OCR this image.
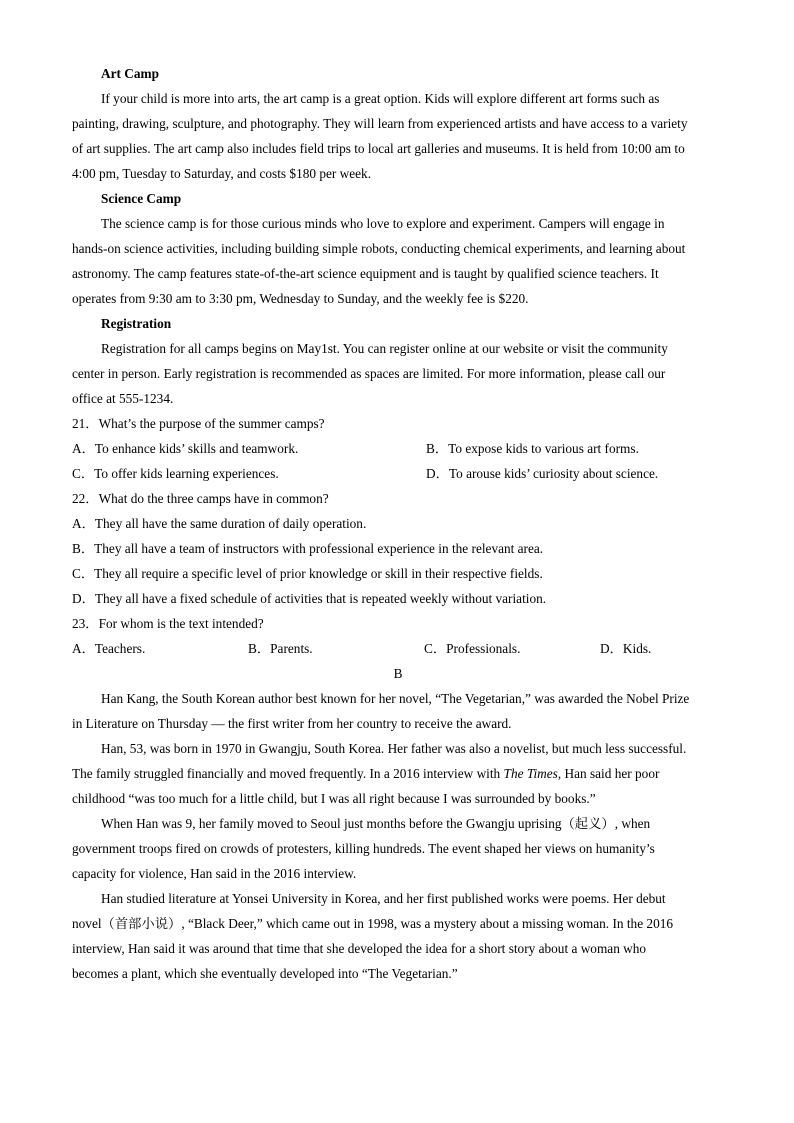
Art Camp
If your child is more into arts, the art camp is a great option. Kids will explore different art forms such as
painting, drawing, sculpture, and photography. They will learn from experienced artists and have access to a variety
of art supplies. The art camp also includes field trips to local art galleries and museums. It is held from 10:00 am to
4:00 pm, Tuesday to Saturday, and costs $180 per week.
Science Camp
The science camp is for those curious minds who love to explore and experiment. Campers will engage in
hands-on science activities, including building simple robots, conducting chemical experiments, and learning about
astronomy. The camp features state-of-the-art science equipment and is taught by qualified science teachers. It
operates from 9:30 am to 3:30 pm, Wednesday to Sunday, and the weekly fee is $220.
Registration
Registration for all camps begins on May1st. You can register online at our website or visit the community
center in person. Early registration is recommended as spaces are limited. For more information, please call our
office at 555-1234.
21．What’s the purpose of the summer camps?
A．To enhance kids’ skills and teamwork.	B．To expose kids to various art forms.
C．To offer kids learning experiences.	D．To arouse kids’ curiosity about science.
22．What do the three camps have in common?
A．They all have the same duration of daily operation.
B．They all have a team of instructors with professional experience in the relevant area.
C．They all require a specific level of prior knowledge or skill in their respective fields.
D．They all have a fixed schedule of activities that is repeated weekly without variation.
23．For whom is the text intended?
A．Teachers.	B．Parents.	C．Professionals.	D．Kids.
B
Han Kang, the South Korean author best known for her novel, “The Vegetarian,” was awarded the Nobel Prize
in Literature on Thursday — the first writer from her country to receive the award.
Han, 53, was born in 1970 in Gwangju, South Korea. Her father was also a novelist, but much less successful.
The family struggled financially and moved frequently. In a 2016 interview with The Times, Han said her poor
childhood “was too much for a little child, but I was all right because I was surrounded by books.”
When Han was 9, her family moved to Seoul just months before the Gwangju uprising（起义）, when
government troops fired on crowds of protesters, killing hundreds. The event shaped her views on humanity’s
capacity for violence, Han said in the 2016 interview.
Han studied literature at Yonsei University in Korea, and her first published works were poems. Her debut
novel（首部小说）, “Black Deer,” which came out in 1998, was a mystery about a missing woman. In the 2016
interview, Han said it was around that time that she developed the idea for a short story about a woman who
becomes a plant, which she eventually developed into “The Vegetarian.”
